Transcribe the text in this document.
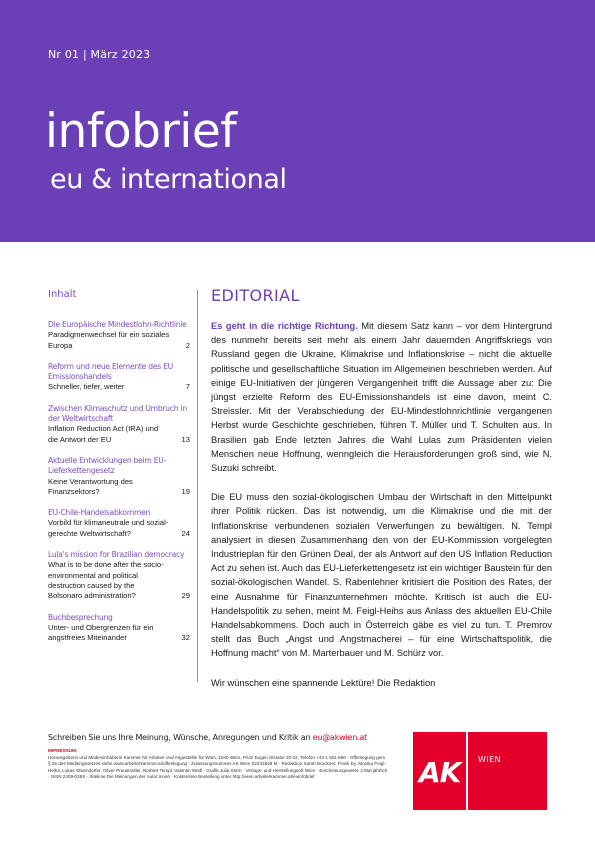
Nr 01 | März 2023
infobrief
eu & international
Inhalt
Die Europäische Mindestlohn-Richtlinie
Paradigmenwechsel für ein soziales Europa	2
Reform und neue Elemente des EU Emissionshandels
Schneller, tiefer, weiter	7
Zwischen Klimaschutz und Umbruch in der Weltwirtschaft
Inflation Reduction Act (IRA) und die Antwort der EU	13
Aktuelle Entwicklungen beim EU-Lieferkettengesetz
Keine Verantwortung des Finanzsektors?	19
EU-Chile-Handelsabkommen
Vorbild für klimaneutrale und sozial-gerechte Weltwirtschaft?	24
Lula's mission for Brazilian democracy
What is to be done after the socio-environmental and political destruction caused by the Bolsonaro administration?	29
Buchbesprechung
Unter- und Obergrenzen für ein angstfreies Miteinander	32
EDITORIAL

Es geht in die richtige Richtung. Mit diesem Satz kann – vor dem Hintergrund des nunmehr bereits seit mehr als einem Jahr dauernden Angriffskriegs von Russland gegen die Ukraine, Klimakrise und Inflationskrise – nicht die aktuelle politische und gesellschaftliche Situation im Allgemeinen beschrieben werden. Auf einige EU-Initiativen der jüngeren Vergangenheit trifft die Aussage aber zu: Die jüngst erzielte Reform des EU-Emissionshandels ist eine davon, meint C. Streissler. Mit der Verabschiedung der EU-Mindestlohnrichtlinie vergangenen Herbst wurde Geschichte geschrieben, führen T. Müller und T. Schulten aus. In Brasilien gab Ende letzten Jahres die Wahl Lulas zum Präsidenten vielen Menschen neue Hoffnung, wenngleich die Herausforderungen groß sind, wie N. Suzuki schreibt.

Die EU muss den sozial-ökologischen Umbau der Wirtschaft in den Mittelpunkt ihrer Politik rücken. Das ist notwendig, um die Klimakrise und die mit der Inflationskrise verbundenen sozialen Verwerfungen zu bewältigen. N. Templ analysiert in diesen Zusammenhang den von der EU-Kommission vorgelegten Industrieplan für den Grünen Deal, der als Antwort auf den US Inflation Reduction Act zu sehen ist. Auch das EU-Lieferkettengesetz ist ein wichtiger Baustein für den sozial-ökologischen Wandel. S. Rabenlehner kritisiert die Position des Rates, der eine Ausnahme für Finanzunternehmen möchte. Kritisch ist auch die EU-Handelspolitik zu sehen, meint M. Feigl-Heihs aus Anlass des aktuellen EU-Chile Handelsabkommens. Doch auch in Österreich gäbe es viel zu tun. T. Premrov stellt das Buch „Angst und Angstmacherei – für eine Wirtschaftspolitik, die Hoffnung macht“ von M. Marterbauer und M. Schürz vor.

Wir wünschen eine spannende Lektüre! Die Redaktion

Schreiben Sie uns Ihre Meinung, Wünsche, Anregungen und Kritik an eu@akwien.at
IMPRESSUM:
Herausgeberin und Medieninhaberin Kammer für Arbeiter und Angestellte für Wien, 1040 Wien, Prinz Eugen Strasse 20-22, Telefon +43 1 501 650 · Offenlegung gem § 25 des Mediengesetzes siehe www.arbeiterkammer.at/offenlegung · Zulassungsnummer AK Wien 02Z34648 M · Redaktion Sarah Bruckner, Frank Ey, Monika Feigl-Heihs, Lukas Oberndorfer, Oliver Prausmüller, Norbert Templ, Valentin Wedl · Grafik Julia Stern · Verlags- und Herstellungsort Wien · Erscheinungsweise 4 Mal jährlich · ISSN 2409-028X · Sitelinie Die Meinungen der Autor:innen · Kostenlose Bestellung unter http://wien.arbeiterkammer.at/euinfobrief	AK WIEN
